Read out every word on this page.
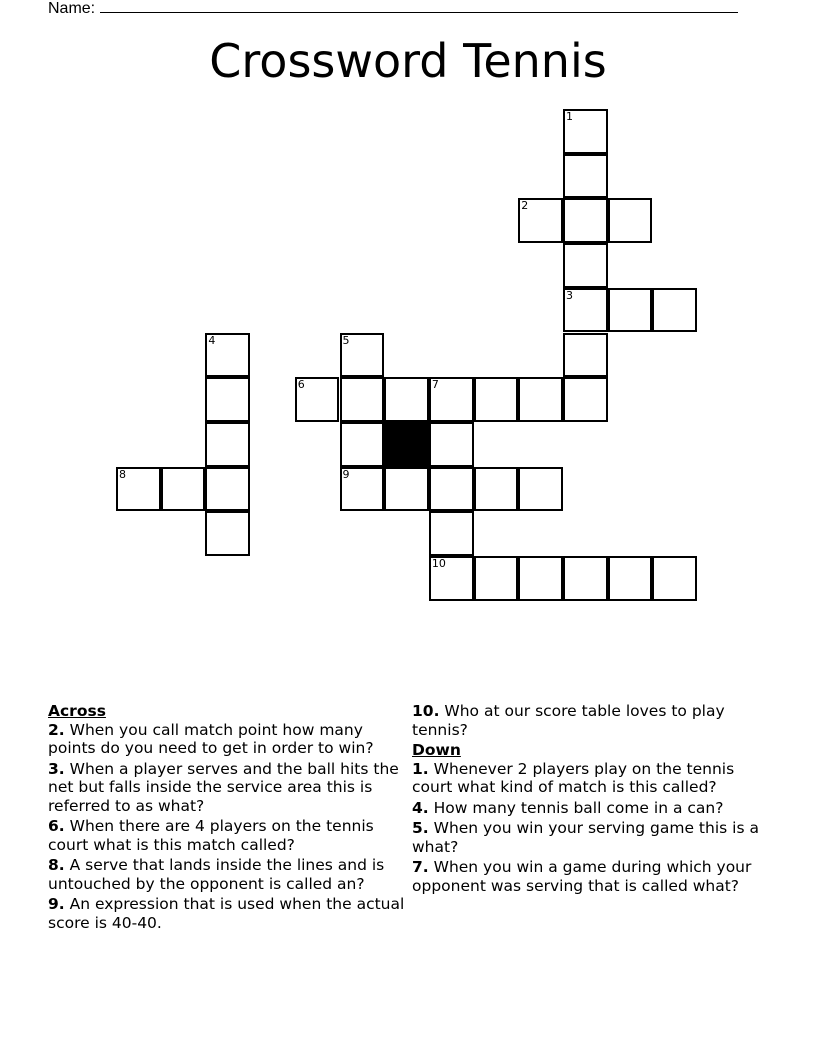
Name:
Crossword Tennis
1
2
3
4	5
6	7
8	9
10
Across
2. When you call match point how many points do you need to get in order to win?
3. When a player serves and the ball hits the net but falls inside the service area this is referred to as what?
6. When there are 4 players on the tennis court what is this match called?
8. A serve that lands inside the lines and is untouched by the opponent is called an?
9. An expression that is used when the actual score is 40-40.
10. Who at our score table loves to play tennis?
Down
1. Whenever 2 players play on the tennis court what kind of match is this called?
4. How many tennis ball come in a can?
5. When you win your serving game this is a what?
7. When you win a game during which your opponent was serving that is called what?
